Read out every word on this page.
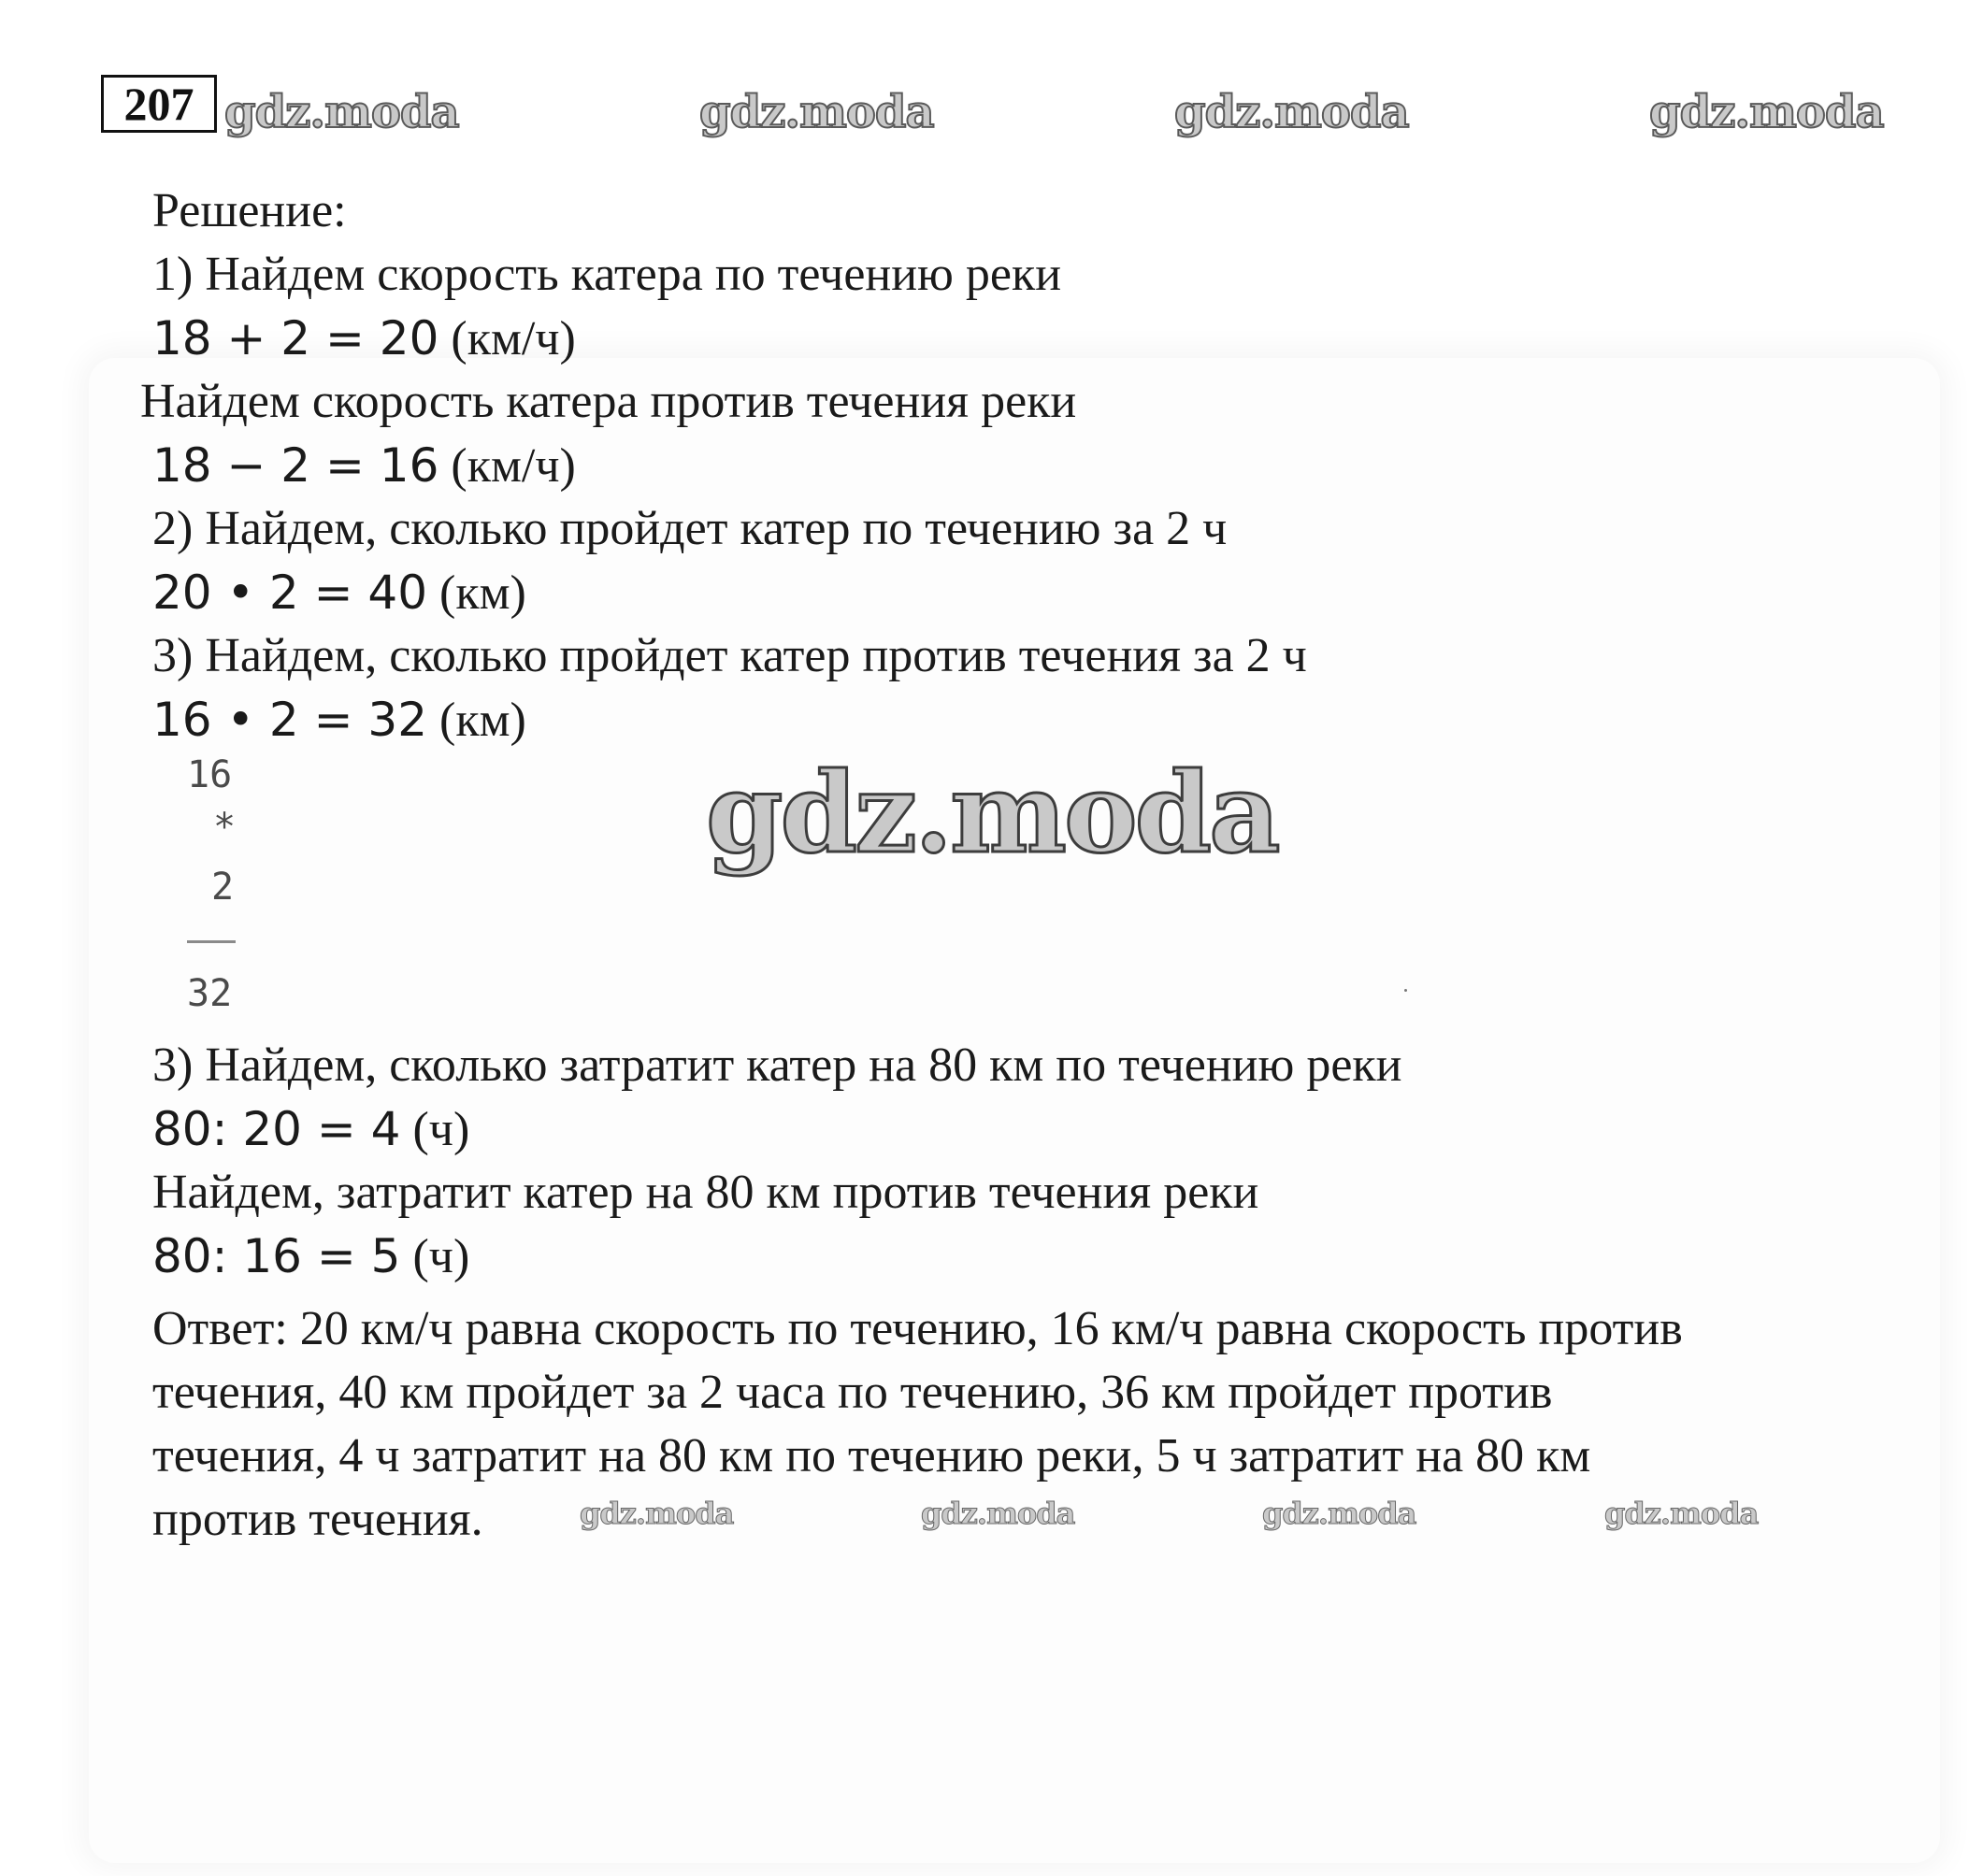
207 gdz.moda	gdz.moda	gdz.moda	gdz.moda
Решение:
1) Найдем скорость катера по течению реки
18 + 2 = 20 (км/ч)
Найдем скорость катера против течения реки
18 − 2 = 16 (км/ч)
2) Найдем, сколько пройдет катер по течению за 2 ч
20 • 2 = 40 (км)
3) Найдем, сколько пройдет катер против течения за 2 ч
16 • 2 = 32 (км)
16
*
2
32
gdz.moda
3) Найдем, сколько затратит катер на 80 км по течению реки
80: 20 = 4 (ч)
Найдем, затратит катер на 80 км против течения реки
80: 16 = 5 (ч)
Ответ: 20 км/ч равна скорость по течению, 16 км/ч равна скорость против
течения, 40 км пройдет за 2 часа по течению, 36 км пройдет против
течения, 4 ч затратит на 80 км по течению реки, 5 ч затратит на 80 км
против течения.	gdz.moda	gdz.moda	gdz.moda	gdz.moda
